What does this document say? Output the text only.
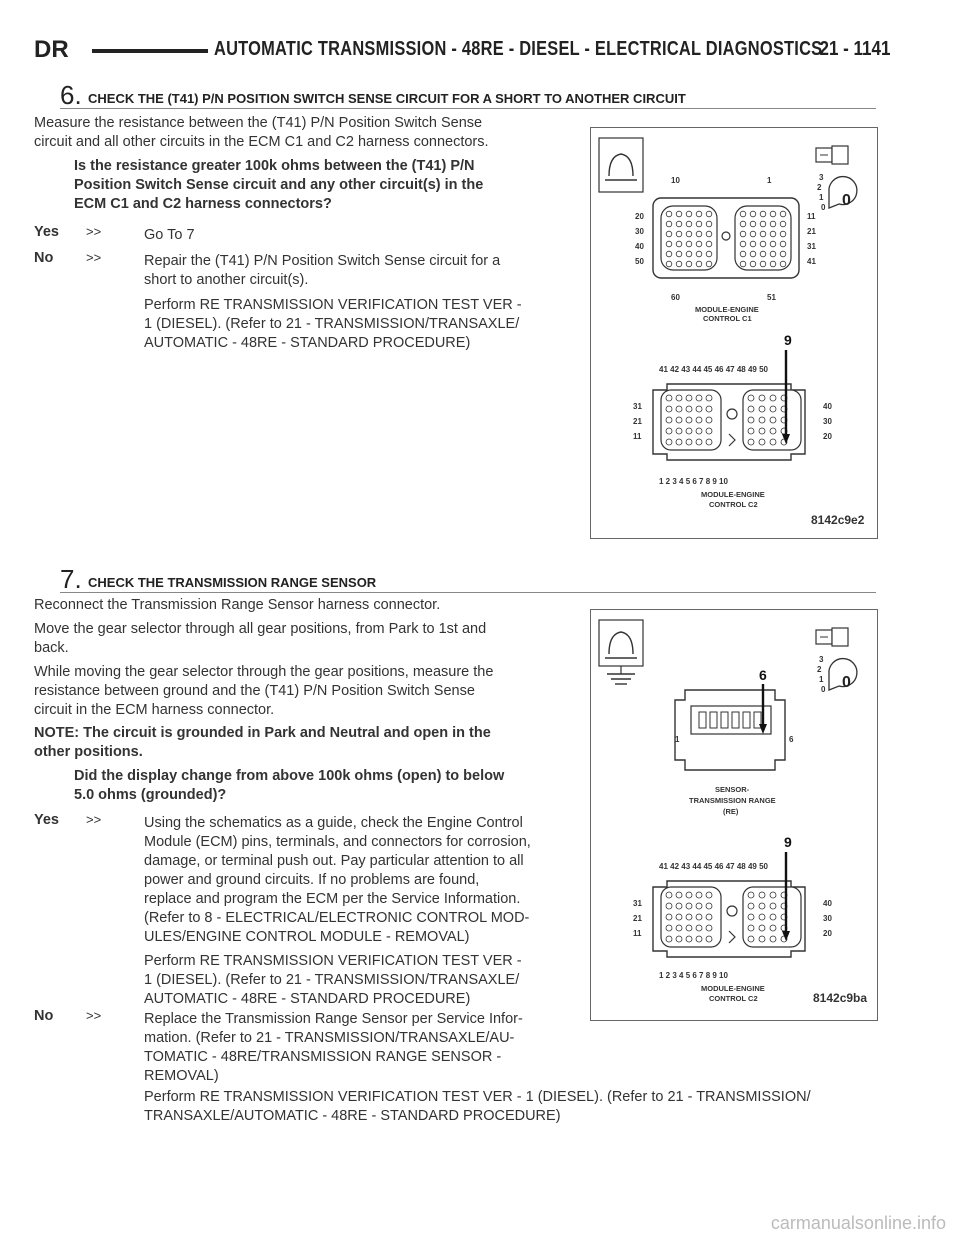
DR	AUTOMATIC TRANSMISSION - 48RE - DIESEL - ELECTRICAL DIAGNOSTICS
21 - 1141
6. CHECK THE (T41) P/N POSITION SWITCH SENSE CIRCUIT FOR A SHORT TO ANOTHER CIRCUIT
Measure the resistance between the (T41) P/N Position Switch Sense
circuit and all other circuits in the ECM C1 and C2 harness connectors.
Is the resistance greater 100k ohms between the (T41) P/N
Position Switch Sense circuit and any other circuit(s) in the
ECM C1 and C2 harness connectors?
Yes >>	Go To 7
No	>>	Repair the (T41) P/N Position Switch Sense circuit for a
short to another circuit(s).
Perform RE TRANSMISSION VERIFICATION TEST VER -
1 (DIESEL). (Refer to 21 - TRANSMISSION/TRANSAXLE/
AUTOMATIC - 48RE - STANDARD PROCEDURE)
3
2
1
0 0
10	1
20
30
40
50
11
21
31
41
60	51
MODULE-ENGINE
CONTROL C1
9
41 42 43 44 45 46 47 48 49 50
31
21
11
40
30
20
1 2 3 4 5 6 7 8 9 10
MODULE-ENGINE
CONTROL C2
8142c9e2
7. CHECK THE TRANSMISSION RANGE SENSOR
Reconnect the Transmission Range Sensor harness connector.
Move the gear selector through all gear positions, from Park to 1st and
back.
While moving the gear selector through the gear positions, measure the
resistance between ground and the (T41) P/N Position Switch Sense
circuit in the ECM harness connector.
NOTE: The circuit is grounded in Park and Neutral and open in the
other positions.
Did the display change from above 100k ohms (open) to below
5.0 ohms (grounded)?
Yes >>	Using the schematics as a guide, check the Engine Control
Module (ECM) pins, terminals, and connectors for corrosion,
damage, or terminal push out. Pay particular attention to all
power and ground circuits. If no problems are found,
replace and program the ECM per the Service Information.
(Refer to 8 - ELECTRICAL/ELECTRONIC CONTROL MOD-
ULES/ENGINE CONTROL MODULE - REMOVAL)
Perform RE TRANSMISSION VERIFICATION TEST VER -
1 (DIESEL). (Refer to 21 - TRANSMISSION/TRANSAXLE/
AUTOMATIC - 48RE - STANDARD PROCEDURE)
No	>>	Replace the Transmission Range Sensor per Service Infor-
mation. (Refer to 21 - TRANSMISSION/TRANSAXLE/AU-
TOMATIC - 48RE/TRANSMISSION RANGE SENSOR -
REMOVAL)
Perform RE TRANSMISSION VERIFICATION TEST VER - 1 (DIESEL). (Refer to 21 - TRANSMISSION/
TRANSAXLE/AUTOMATIC - 48RE - STANDARD PROCEDURE)
3
2
1
0 0
6
1	6
SENSOR-
TRANSMISSION RANGE
(RE)
9
41 42 43 44 45 46 47 48 49 50
31
21
11
40
30
20
1 2 3 4 5 6 7 8 9 10
MODULE-ENGINE
CONTROL C2	8142c9ba
carmanualsonline.info
